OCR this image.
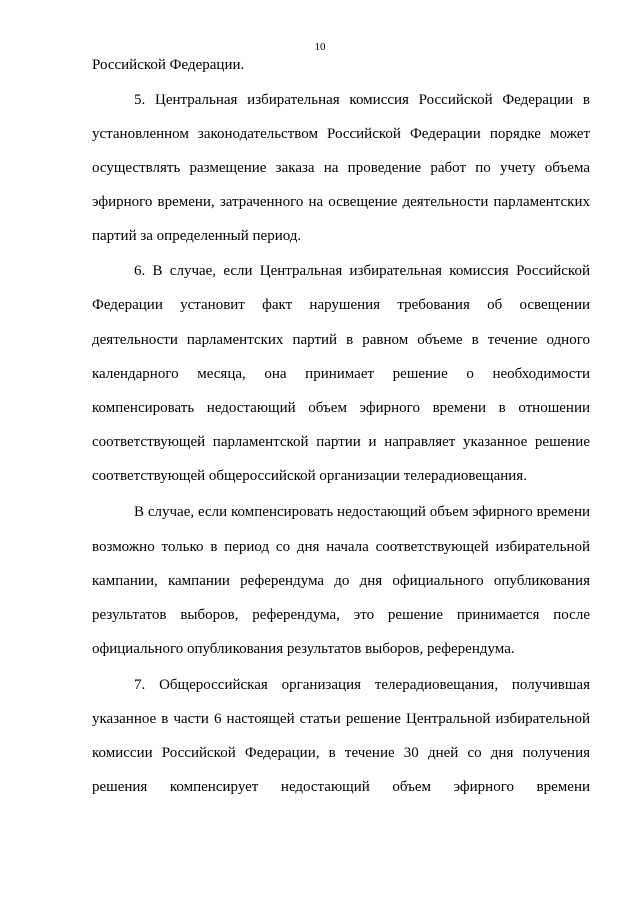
10
Российской Федерации.
5. Центральная избирательная комиссия Российской Федерации в
установленном законодательством Российской Федерации порядке может
осуществлять размещение заказа на проведение работ по учету объема
эфирного времени, затраченного на освещение деятельности парламентских
партий за определенный период.
6. В случае, если Центральная избирательная комиссия Российской
Федерации установит факт нарушения требования об освещении
деятельности парламентских партий в равном объеме в течение одного
календарного месяца, она принимает решение о необходимости
компенсировать недостающий объем эфирного времени в отношении
соответствующей парламентской партии и направляет указанное решение
соответствующей общероссийской организации телерадиовещания.
В случае, если компенсировать недостающий объем эфирного времени
возможно только в период со дня начала соответствующей избирательной
кампании, кампании референдума до дня официального опубликования
результатов выборов, референдума, это решение принимается после
официального опубликования результатов выборов, референдума.
7. Общероссийская организация телерадиовещания, получившая
указанное в части 6 настоящей статьи решение Центральной избирательной
комиссии Российской Федерации, в течение 30 дней со дня получения
решения компенсирует недостающий объем эфирного времени
